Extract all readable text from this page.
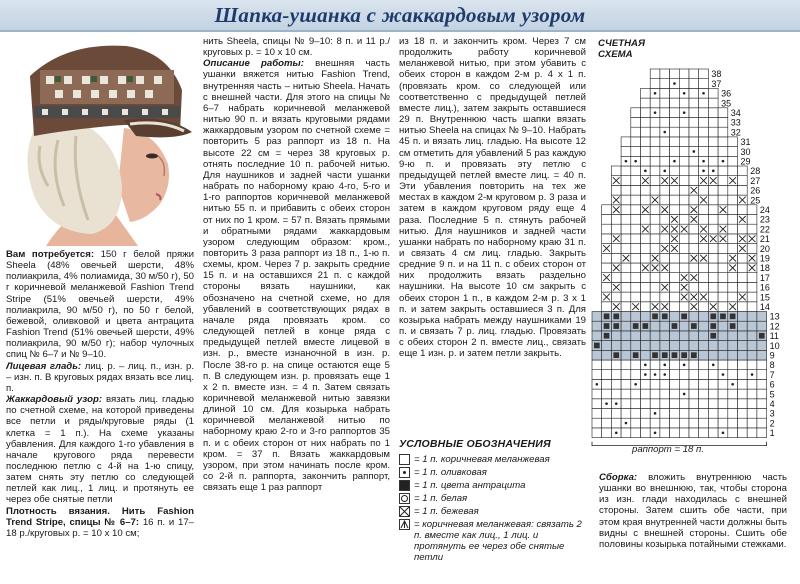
Шапка-ушанка с жаккардовым узором

Вам потребуется: 150 г белой пряжи Sheela (48% овечьей шерсти, 48% полиакрила, 4% полиамида, 30 м/50 г), 50 г коричневой меланжевой Fashion Trend Stripe (51% овечьей шерсти, 49% полиакрила, 90 м/50 г), по 50 г белой, бежевой, оливковой и цвета антрацита Fashion Trend (51% овечьей шерсти, 49% полиакрила, 90 м/50 г); набор чулочных спиц № 6–7 и № 9–10.

Лицевая гладь: лиц. р. – лиц. п., изн. р. – изн. п. В круговых рядах вязать все лиц. п.

Жаккардовый узор: вязать лиц. гладью по счетной схеме, на которой приведены все петли и ряды/круговые ряды (1 клетка = 1 п.). На схеме указаны убавления. Для каждого 1-го убавления в начале кругового ряда перевести последнюю петлю с 4-й на 1-ю спицу, затем снять эту петлю со следующей петлей как лиц., 1 лиц. и протянуть ее через обе снятые петли

Плотность вязания. Нить Fashion Trend Stripe, спицы № 6–7: 16 п. и 17–18 р./круговых р. = 10 х 10 см;

нить Sheela, спицы № 9–10: 8 п. и 11 р./круговых р. = 10 х 10 см.

Описание работы: внешняя часть ушанки вяжется нитью Fashion Trend, внутренняя часть – нитью Sheela. Начать с внешней части. Для этого на спицы № 6–7 набрать коричневой меланжевой нитью 90 п. и вязать круговыми рядами жаккардовым узором по счетной схеме = повторить 5 раз раппорт из 18 п. На высоте 22 см = через 38 круговых р. отнять последние 10 п. рабочей нитью. Для наушников и задней части ушанки набрать по наборному краю 4-го, 5-го и 1-го раппортов коричневой меланжевой нитью 55 п. и прибавить с обеих сторон от них по 1 кром. = 57 п. Вязать прямыми и обратными рядами жаккардовым узором следующим образом: кром., повторить 3 раза раппорт из 18 п., 1-ю п. схемы, кром. Через 7 р. закрыть средние 15 п. и на оставшихся 21 п. с каждой стороны вязать наушники, как обозначено на счетной схеме, но для убавлений в соответствующих рядах в начале ряда провязать кром. со следующей петлей в конце ряда с предыдущей петлей вместе лицевой в изн. р., вместе изнаночной в изн. р. После 38-го р. на спице остаются еще 5 п. В следующем изн. р. провязать еще 1 х 2 п. вместе изн. = 4 п. Затем связать коричневой меланжевой нитью завязки длиной 10 см. Для козырька набрать коричневой меланжевой нитью по наборному краю 2-го и 3-го раппортов 35 п. и с обеих сторон от них набрать по 1 кром. = 37 п. Вязать жаккардовым узором, при этом начинать после кром. со 2-й п. раппорта, закончить раппорт, связать еще 1 раз раппорт

из 18 п. и закончить кром. Через 7 см продолжить работу коричневой меланжевой нитью, при этом убавить с обеих сторон в каждом 2-м р. 4 х 1 п. (провязать кром. со следующей или соответственно с предыдущей петлей вместе лиц.), затем закрыть оставшиеся 29 п. Внутреннюю часть шапки вязать нитью Sheela на спицах № 9–10. Набрать 45 п. и вязать лиц. гладью. На высоте 12 см отметить для убавлений 5 раз каждую 9-ю п. и провязать эту петлю с предыдущей петлей вместе лиц. = 40 п. Эти убавления повторить на тех же местах в каждом 2-м круговом р. 3 раза и затем в каждом круговом ряду еще 4 раза. Последние 5 п. стянуть рабочей нитью. Для наушников и задней части ушанки набрать по наборному краю 31 п. и связать 4 см лиц. гладью. Закрыть средние 9 п. и на 11 п. с обеих сторон от них продолжить вязать раздельно наушники. На высоте 10 см закрыть с обеих сторон 1 п., в каждом 2-м р. 3 х 1 п. и затем закрыть оставшиеся 3 п. Для козырька набрать между наушниками 19 п. и связать 7 р. лиц. гладью. Провязать с обеих сторон 2 п. вместе лиц., связать еще 1 изн. р. и затем петли закрыть.

УСЛОВНЫЕ ОБОЗНАЧЕНИЯ
= 1 п. коричневая меланжевая
= 1 п. оливковая
= 1 п. цвета антрацита
= 1 п. белая
= 1 п. бежевая
= коричневая меланжевая: связать 2 п. вместе как лиц., 1 лиц. и протянуть ее через обе снятые петли
СЧЕТНАЯ
СХЕМА
1
2
3
4
5
6
7
8
9
10
11
12
13
14
15
16
17
18
19
20
21
22
23
24
25
26
27
28
29
30
31
32
33
34
35
36
37
38
раппорт = 18 п.

Сборка: вложить внутреннюю часть ушанки во внешнюю, так, чтобы сторона из изн. глади находилась с внешней стороны. Затем сшить обе части, при этом края внутренней части должны быть видны с внешней стороны. Сшить обе половины козырька потайными стежками.
